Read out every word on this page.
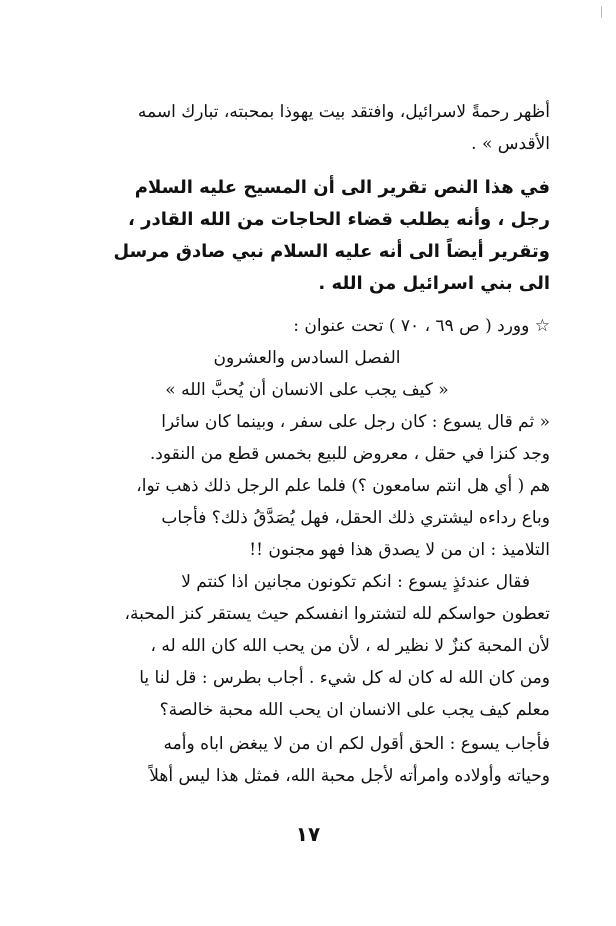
أظهر رحمةً لاسرائيل، وافتقد بيت يهوذا بمحبته، تبارك اسمه
الأقدس » .
في هذا النص تقرير الى أن المسيح عليه السلام
رجل ، وأنه يطلب قضاء الحاجات من الله القادر ،
وتقرير أيضاً الى أنه عليه السلام نبي صادق مرسل
الى بني اسرائيل من الله .
☆ وورد ( ص ٦٩ ، ٧٠ ) تحت عنوان :
الفصل السادس والعشرون
« كيف يجب على الانسان أن يُحبَّ الله »
« ثم قال يسوع : كان رجل على سفر ، وبينما كان سائرا
وجد كنزا في حقل ، معروض للبيع بخمس قطع من النقود.
هم ( أي هل انتم سامعون ؟) فلما علم الرجل ذلك ذهب توا،
وباع رداءه ليشتري ذلك الحقل، فهل يُصَدَّقُ ذلك؟ فأجاب
التلاميذ : ان من لا يصدق هذا فهو مجنون !!
فقال عندئذٍ يسوع : انكم تكونون مجانين اذا كنتم لا
تعطون حواسكم لله لتشتروا انفسكم حيث يستقر كنز المحبة،
لأن المحبة كنزٌ لا نظير له ، لأن من يحب الله كان الله له ،
ومن كان الله له كان له كل شيء . أجاب بطرس : قل لنا يا
معلم كيف يجب على الانسان ان يحب الله محبة خالصة؟
فأجاب يسوع : الحق أقول لكم ان من لا يبغض اباه وأمه
وحياته وأولاده وامرأته لأجل محبة الله، فمثل هذا ليس أهلاً
١٧
